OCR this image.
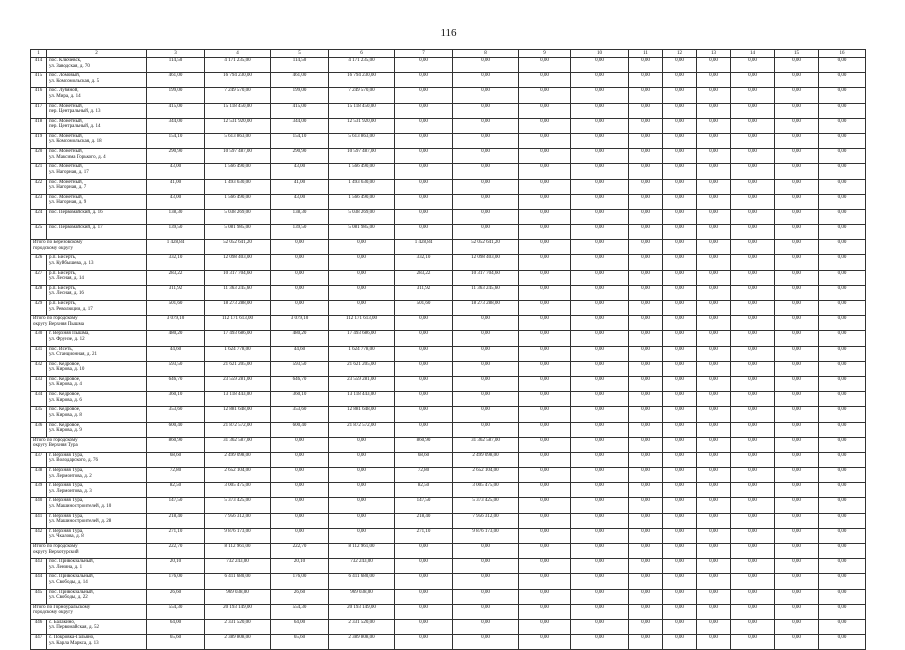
116
1	2	3	4	5	6	7	8	9	10	11	12	13	14	15	16
414	пос. Ключевск,
ул. Заводская, д. 70	114,50	4 171 235,00	114,50	4 171 235,00	0,00	0,00	0,00	0,00	0,00	0,00	0,00	0,00	0,00	0,00
415	пос. Ломовый,
ул. Комсомольская, д. 5	461,00	16 794 230,00	461,00	16 794 230,00	0,00	0,00	0,00	0,00	0,00	0,00	0,00	0,00	0,00	0,00
416	пос. Лубяной,
ул. Мира, д. 14	199,00	7 249 570,00	199,00	7 249 570,00	0,00	0,00	0,00	0,00	0,00	0,00	0,00	0,00	0,00	0,00
417	пос. Монетный,
пер. Центральный, д. 13	415,00	15 118 450,00	415,00	15 118 450,00	0,00	0,00	0,00	0,00	0,00	0,00	0,00	0,00	0,00	0,00
418	пос. Монетный,
пер. Центральный, д. 14	344,00	12 531 920,00	344,00	12 531 920,00	0,00	0,00	0,00	0,00	0,00	0,00	0,00	0,00	0,00	0,00
419	пос. Монетный,
ул. Комсомольская, д. 18	154,10	5 613 863,00	154,10	5 613 863,00	0,00	0,00	0,00	0,00	0,00	0,00	0,00	0,00	0,00	0,00
420	пос. Монетный,
ул. Максима Горького, д. 4	290,90	10 597 487,00	290,90	10 597 487,00	0,00	0,00	0,00	0,00	0,00	0,00	0,00	0,00	0,00	0,00
421	пос. Монетный,
ул. Нагорная, д. 17	43,00	1 566 490,00	43,00	1 566 490,00	0,00	0,00	0,00	0,00	0,00	0,00	0,00	0,00	0,00	0,00
422	пос. Монетный,
ул. Нагорная, д. 7	41,00	1 493 630,00	41,00	1 493 630,00	0,00	0,00	0,00	0,00	0,00	0,00	0,00	0,00	0,00	0,00
423	пос. Монетный,
ул. Нагорная, д. 9	43,00	1 566 490,00	43,00	1 566 490,00	0,00	0,00	0,00	0,00	0,00	0,00	0,00	0,00	0,00	0,00
424	пос. Первомайский, д. 16	138,30	5 038 269,00	138,30	5 038 269,00	0,00	0,00	0,00	0,00	0,00	0,00	0,00	0,00	0,00	0,00
425	пос. Первомайский, д. 17	139,50	5 081 985,00	139,50	5 081 985,00	0,00	0,00	0,00	0,00	0,00	0,00	0,00	0,00	0,00	0,00

Итого по Березовскому
городскому округу		1 428,84	52 052 641,20	0,00	0,00	1 428,84	52 052 641,20	0,00	0,00	0,00	0,00	0,00	0,00	0,00	0,00
426	р.п. Бисерть,
ул. Куйбышева, д. 13	332,10	12 098 403,00	0,00	0,00	332,10	12 098 403,00	0,00	0,00	0,00	0,00	0,00	0,00	0,00	0,00
427	р.п. Бисерть,
ул. Лесная, д. 14	283,22	10 317 704,60	0,00	0,00	283,22	10 317 704,60	0,00	0,00	0,00	0,00	0,00	0,00	0,00	0,00
428	р.п. Бисерть,
ул. Лесная, д. 16	311,92	11 363 245,60	0,00	0,00	311,92	11 363 245,60	0,00	0,00	0,00	0,00	0,00	0,00	0,00	0,00
429	р.п. Бисерть,
ул. Революции, д. 17	501,60	18 273 288,00	0,00	0,00	501,60	18 273 288,00	0,00	0,00	0,00	0,00	0,00	0,00	0,00	0,00

Итого по городскому
округу Верхняя Пышма		3 079,10	112 171 613,00	3 079,10	112 171 613,00	0,00	0,00	0,00	0,00	0,00	0,00	0,00	0,00	0,00	0,00
430	г. Верхняя Пышма,
ул. Фрунзе, д. 12	480,20	17 493 686,00	480,20	17 493 686,00	0,00	0,00	0,00	0,00	0,00	0,00	0,00	0,00	0,00	0,00
431	пос. Исеть,
ул. Станционная, д. 21	44,60	1 624 778,00	44,60	1 624 778,00	0,00	0,00	0,00	0,00	0,00	0,00	0,00	0,00	0,00	0,00
432	пос. Кедровое,
ул. Кирова, д. 10	593,50	21 621 205,00	593,50	21 621 205,00	0,00	0,00	0,00	0,00	0,00	0,00	0,00	0,00	0,00	0,00
433	пос. Кедровое,
ул. Кирова, д. 4	646,70	23 559 281,00	646,70	23 559 281,00	0,00	0,00	0,00	0,00	0,00	0,00	0,00	0,00	0,00	0,00
434	пос. Кедровое,
ул. Кирова, д. 6	360,10	13 118 443,00	360,10	13 118 443,00	0,00	0,00	0,00	0,00	0,00	0,00	0,00	0,00	0,00	0,00
435	пос. Кедровое,
ул. Кирова, д. 8	353,60	12 881 648,00	353,60	12 881 648,00	0,00	0,00	0,00	0,00	0,00	0,00	0,00	0,00	0,00	0,00
436	пос. Кедровое,
ул. Кирова, д. 9	600,40	21 872 572,00	600,40	21 872 572,00	0,00	0,00	0,00	0,00	0,00	0,00	0,00	0,00	0,00	0,00

Итого по городскому
округу Верхняя Тура		860,90	31 362 587,00	0,00	0,00	860,90	31 362 587,00	0,00	0,00	0,00	0,00	0,00	0,00	0,00	0,00
437	г. Верхняя Тура,
ул. Володарского, д. 76	68,60	2 499 098,00	0,00	0,00	68,60	2 499 098,00	0,00	0,00	0,00	0,00	0,00	0,00	0,00	0,00
438	г. Верхняя Тура,
ул. Лермонтова, д. 2	72,80	2 652 104,00	0,00	0,00	72,80	2 652 104,00	0,00	0,00	0,00	0,00	0,00	0,00	0,00	0,00
439	г. Верхняя Тура,
ул. Лермонтова, д. 3	82,50	3 005 475,00	0,00	0,00	82,50	3 005 475,00	0,00	0,00	0,00	0,00	0,00	0,00	0,00	0,00
440	г. Верхняя Тура,
ул. Машиностроителей, д. 10	147,50	5 373 425,00	0,00	0,00	147,50	5 373 425,00	0,00	0,00	0,00	0,00	0,00	0,00	0,00	0,00
441	г. Верхняя Тура,
ул. Машиностроителей, д. 28	218,40	7 956 312,00	0,00	0,00	218,40	7 956 312,00	0,00	0,00	0,00	0,00	0,00	0,00	0,00	0,00
442	г. Верхняя Тура,
ул. Чкалова, д. 8	271,10	9 876 173,00	0,00	0,00	271,10	9 876 173,00	0,00	0,00	0,00	0,00	0,00	0,00	0,00	0,00

Итого по городскому
округу Верхотурский		222,70	8 112 961,00	222,70	8 112 961,00	0,00	0,00	0,00	0,00	0,00	0,00	0,00	0,00	0,00	0,00
443	пос. Привокзальный,
ул. Ленина, д. 1	20,10	732 243,00	20,10	732 243,00	0,00	0,00	0,00	0,00	0,00	0,00	0,00	0,00	0,00	0,00
444	пос. Привокзальный,
ул. Свободы, д. 14	176,00	6 411 680,00	176,00	6 411 680,00	0,00	0,00	0,00	0,00	0,00	0,00	0,00	0,00	0,00	0,00
445	пос. Привокзальный,
ул. Свободы, д. 22	26,60	969 038,00	26,60	969 038,00	0,00	0,00	0,00	0,00	0,00	0,00	0,00	0,00	0,00	0,00

Итого по Горноуральскому
городскому округу		554,30	20 193 149,00	554,30	20 193 149,00	0,00	0,00	0,00	0,00	0,00	0,00	0,00	0,00	0,00	0,00
446	с. Балакино,
ул. Первомайская, д. 52	64,00	2 331 520,00	64,00	2 331 520,00	0,00	0,00	0,00	0,00	0,00	0,00	0,00	0,00	0,00	0,00
447	с. Покровка-Гальяно,
ул. Карла Маркса, д. 13	65,60	2 389 808,00	65,60	2 389 808,00	0,00	0,00	0,00	0,00	0,00	0,00	0,00	0,00	0,00	0,00
